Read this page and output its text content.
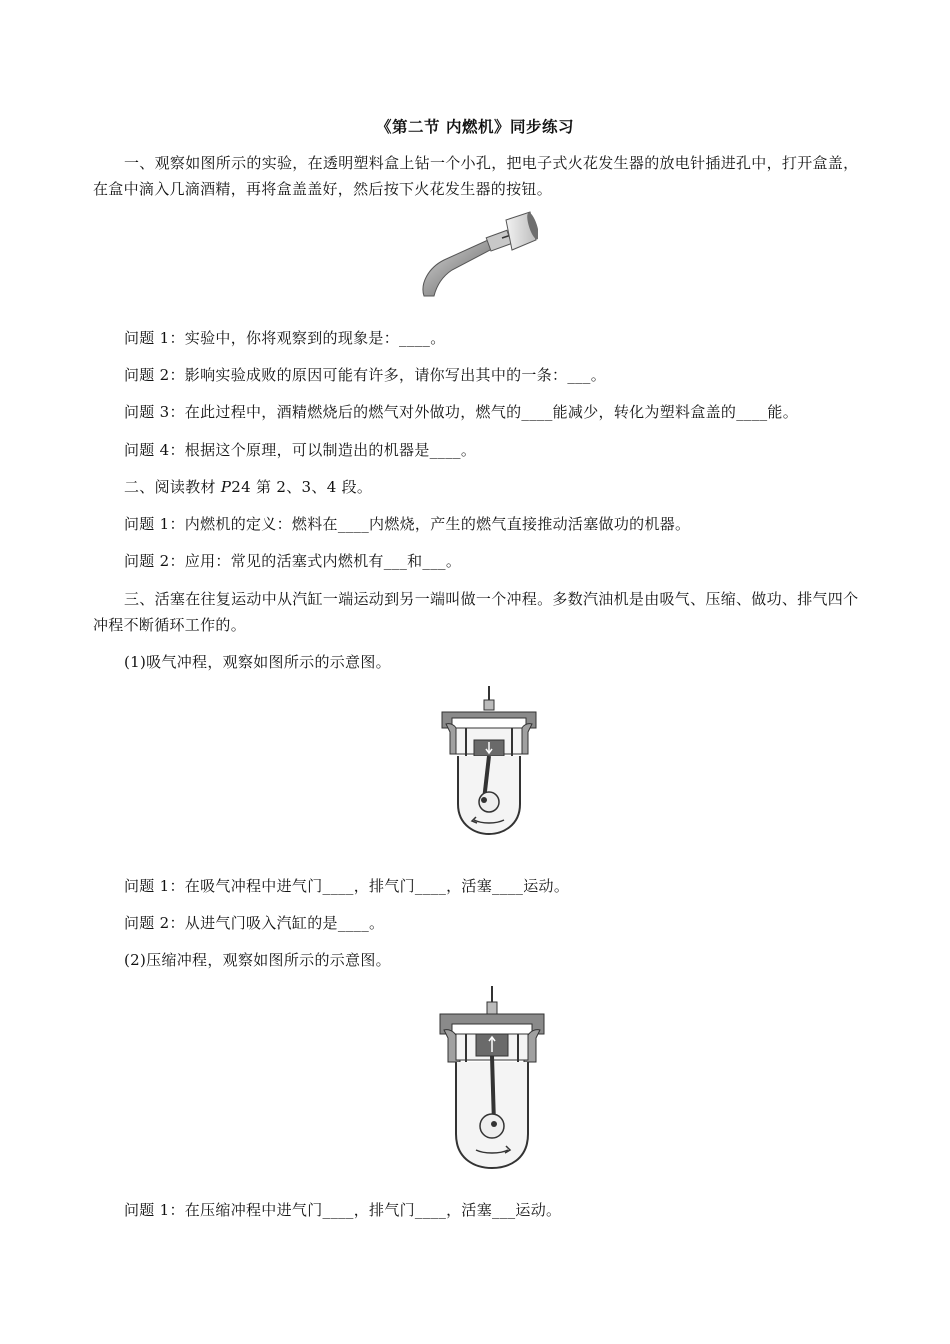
《第二节 内燃机》同步练习
一、观察如图所示的实验，在透明塑料盒上钻一个小孔，把电子式火花发生器的放电针插进孔中，打开盒盖，在盒中滴入几滴酒精，再将盒盖盖好，然后按下火花发生器的按钮。
问题 1：实验中，你将观察到的现象是：____。
问题 2：影响实验成败的原因可能有许多，请你写出其中的一条：___。
问题 3：在此过程中，酒精燃烧后的燃气对外做功，燃气的____能减少，转化为塑料盒盖的____能。
问题 4：根据这个原理，可以制造出的机器是____。
二、阅读教材 P24 第 2、3、4 段。
问题 1：内燃机的定义：燃料在____内燃烧，产生的燃气直接推动活塞做功的机器。
问题 2：应用：常见的活塞式内燃机有___和___。
三、活塞在往复运动中从汽缸一端运动到另一端叫做一个冲程。多数汽油机是由吸气、压缩、做功、排气四个冲程不断循环工作的。
(1)吸气冲程，观察如图所示的示意图。
问题 1：在吸气冲程中进气门____，排气门____，活塞____运动。
问题 2：从进气门吸入汽缸的是____。
(2)压缩冲程，观察如图所示的示意图。
问题 1：在压缩冲程中进气门____，排气门____，活塞___运动。
